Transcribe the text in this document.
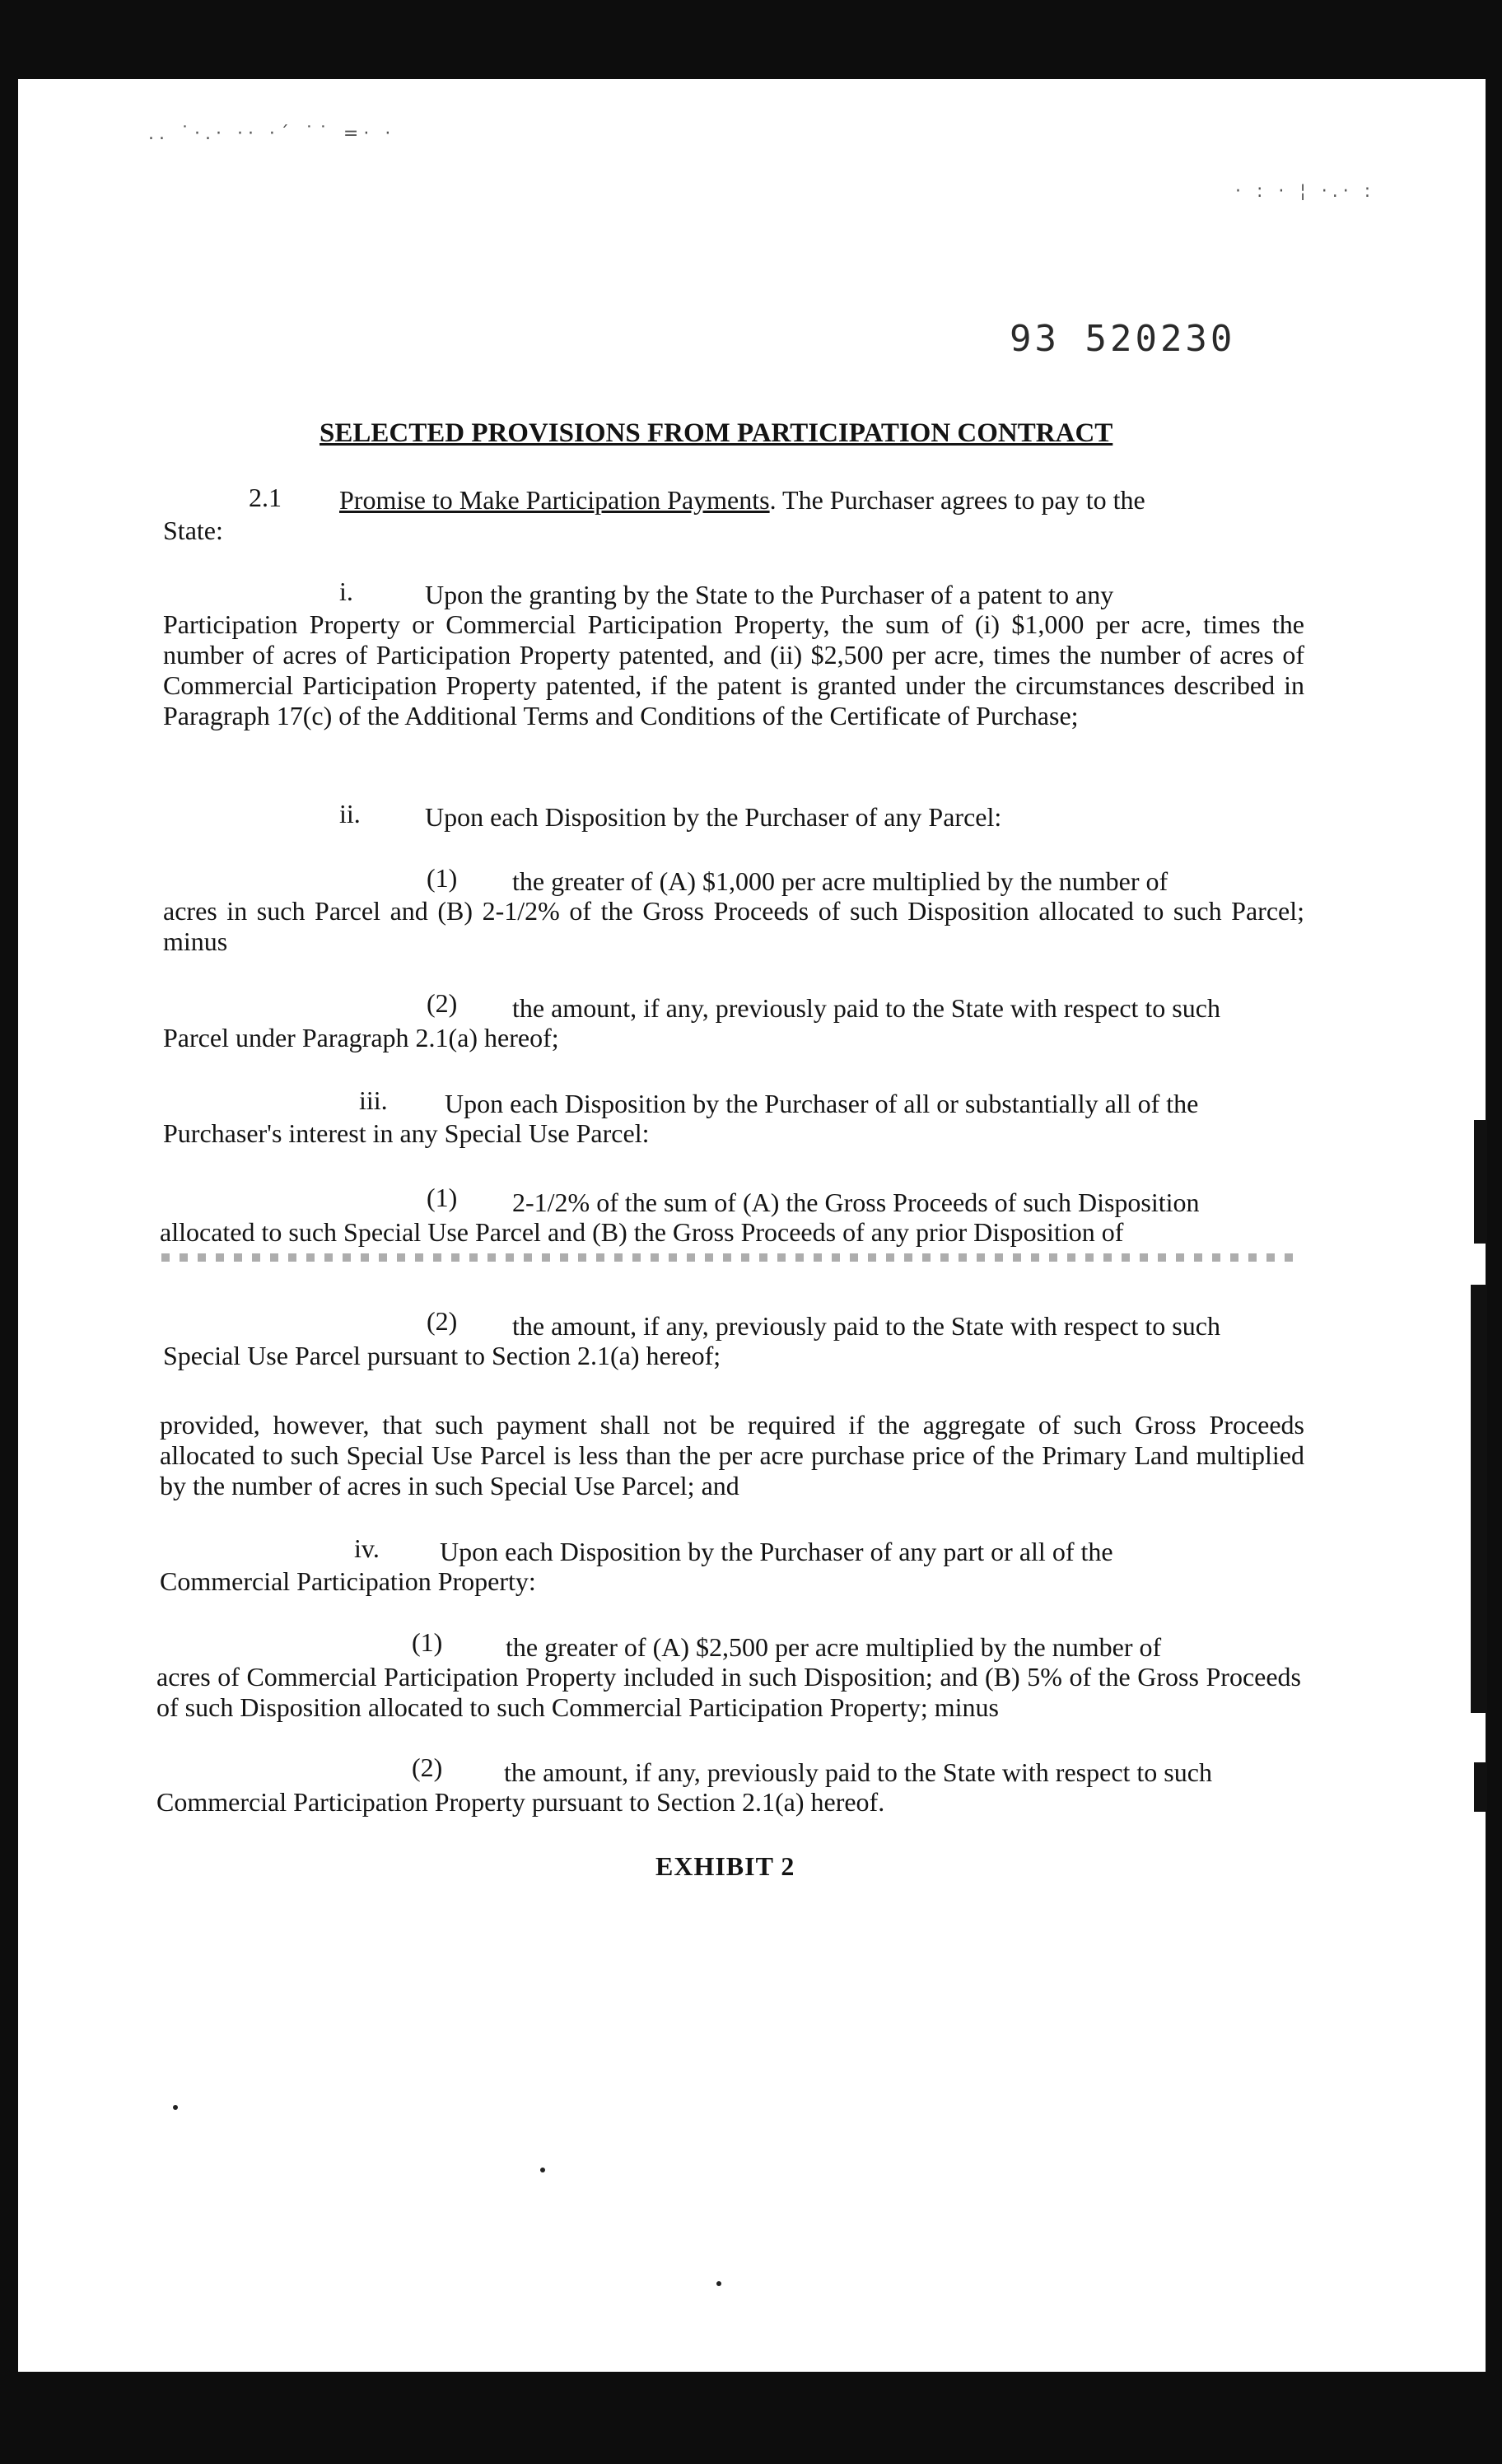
.. ˙·.· ·· ·´ ˙˙ =· ·
· : · ¦ ·.· :
93 520230
SELECTED PROVISIONS FROM PARTICIPATION CONTRACT
2.1 Promise to Make Participation Payments. The Purchaser agrees to pay to the
State:
i.	Upon the granting by the State to the Purchaser of a patent to any
Participation Property or Commercial Participation Property, the sum of (i) $1,000 per acre, times the number of acres of Participation Property patented, and (ii) $2,500 per acre, times the number of acres of Commercial Participation Property patented, if the patent is granted under the circumstances described in Paragraph 17(c) of the Additional Terms and Conditions of the Certificate of Purchase;
ii. Upon each Disposition by the Purchaser of any Parcel:
(1) the greater of (A) $1,000 per acre multiplied by the number of
acres in such Parcel and (B) 2-1/2% of the Gross Proceeds of such Disposition allocated to such Parcel; minus
(2) the amount, if any, previously paid to the State with respect to such
Parcel under Paragraph 2.1(a) hereof;
iii. Upon each Disposition by the Purchaser of all or substantially all of the
Purchaser's interest in any Special Use Parcel:
(1) 2-1/2% of the sum of (A) the Gross Proceeds of such Disposition
allocated to such Special Use Parcel and (B) the Gross Proceeds of any prior Disposition of
(2) the amount, if any, previously paid to the State with respect to such
Special Use Parcel pursuant to Section 2.1(a) hereof;
provided, however, that such payment shall not be required if the aggregate of such Gross Proceeds allocated to such Special Use Parcel is less than the per acre purchase price of the Primary Land multiplied by the number of acres in such Special Use Parcel; and
iv. Upon each Disposition by the Purchaser of any part or all of the
Commercial Participation Property:
(1) the greater of (A) $2,500 per acre multiplied by the number of
acres of Commercial Participation Property included in such Disposition; and (B) 5% of the Gross Proceeds of such Disposition allocated to such Commercial Participation Property; minus
(2) the amount, if any, previously paid to the State with respect to such
Commercial Participation Property pursuant to Section 2.1(a) hereof.
EXHIBIT 2
